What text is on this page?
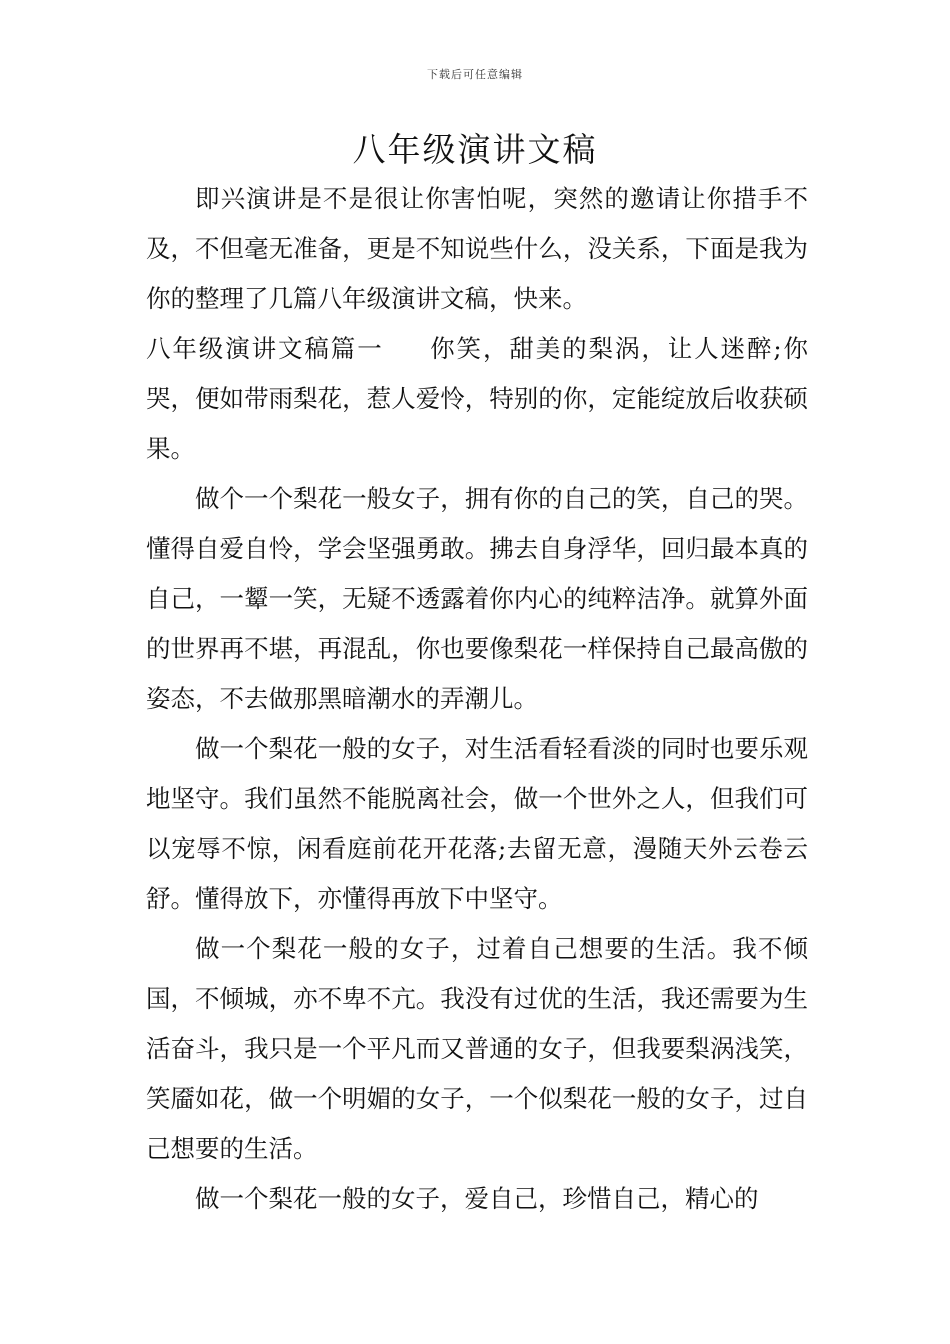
下载后可任意编辑
八年级演讲文稿

即兴演讲是不是很让你害怕呢，突然的邀请让你措手不及，不但毫无准备，更是不知说些什么，没关系，下面是我为你的整理了几篇八年级演讲文稿，快来。

八年级演讲文稿篇一 你笑，甜美的梨涡，让人迷醉;你哭，便如带雨梨花，惹人爱怜，特别的你，定能绽放后收获硕果。

做个一个梨花一般女子，拥有你的自己的笑，自己的哭。懂得自爱自怜，学会坚强勇敢。拂去自身浮华，回归最本真的自己，一颦一笑，无疑不透露着你内心的纯粹洁净。就算外面的世界再不堪，再混乱，你也要像梨花一样保持自己最高傲的姿态，不去做那黑暗潮水的弄潮儿。

做一个梨花一般的女子，对生活看轻看淡的同时也要乐观地坚守。我们虽然不能脱离社会，做一个世外之人，但我们可以宠辱不惊，闲看庭前花开花落;去留无意，漫随天外云卷云舒。懂得放下，亦懂得再放下中坚守。

做一个梨花一般的女子，过着自己想要的生活。我不倾国，不倾城，亦不卑不亢。我没有过优的生活，我还需要为生活奋斗，我只是一个平凡而又普通的女子，但我要梨涡浅笑，笑靥如花，做一个明媚的女子，一个似梨花一般的女子，过自己想要的生活。

做一个梨花一般的女子，爱自己，珍惜自己，精心的
